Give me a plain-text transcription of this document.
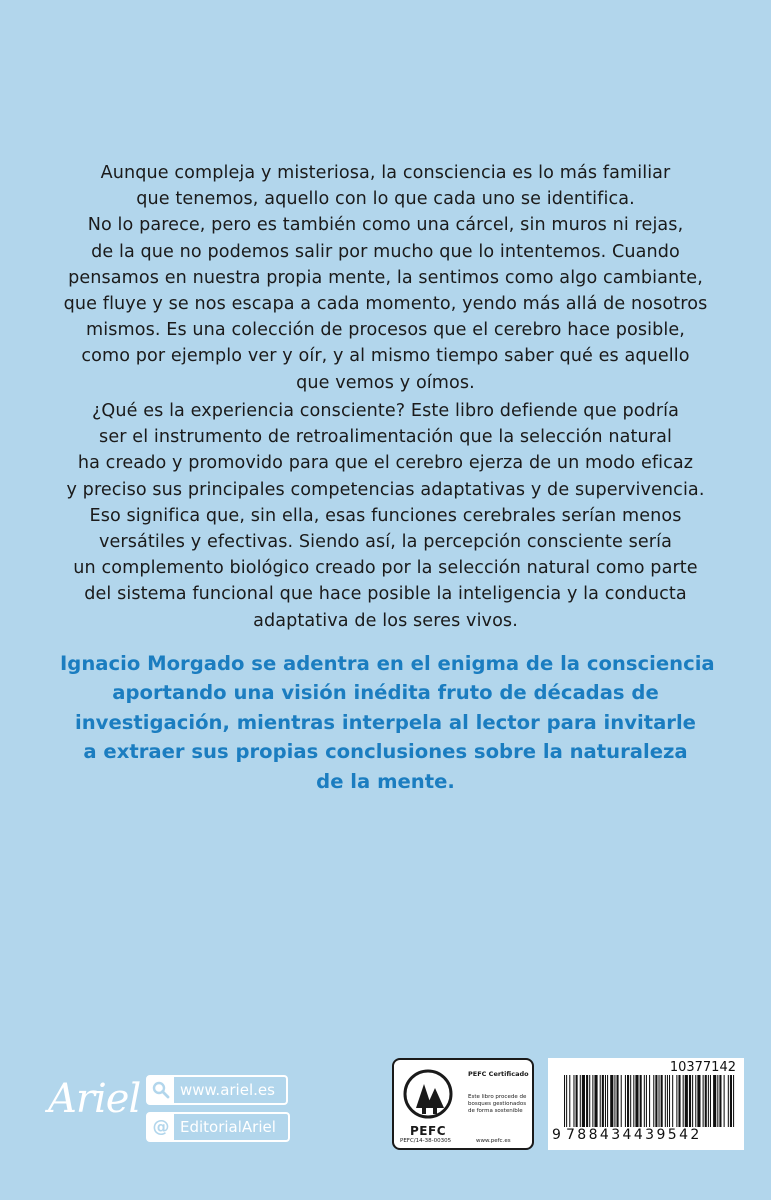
Aunque compleja y misteriosa, la consciencia es lo más familiar
que tenemos, aquello con lo que cada uno se identifica.
No lo parece, pero es también como una cárcel, sin muros ni rejas,
de la que no podemos salir por mucho que lo intentemos. Cuando
pensamos en nuestra propia mente, la sentimos como algo cambiante,
que fluye y se nos escapa a cada momento, yendo más allá de nosotros
mismos. Es una colección de procesos que el cerebro hace posible,
como por ejemplo ver y oír, y al mismo tiempo saber qué es aquello
que vemos y oímos.

¿Qué es la experiencia consciente? Este libro defiende que podría
ser el instrumento de retroalimentación que la selección natural
ha creado y promovido para que el cerebro ejerza de un modo eficaz
y preciso sus principales competencias adaptativas y de supervivencia.
Eso significa que, sin ella, esas funciones cerebrales serían menos
versátiles y efectivas. Siendo así, la percepción consciente sería
un complemento biológico creado por la selección natural como parte
del sistema funcional que hace posible la inteligencia y la conducta
adaptativa de los seres vivos.

Ignacio Morgado se adentra en el enigma de la consciencia
aportando una visión inédita fruto de décadas de
investigación, mientras interpela al lector para invitarle
a extraer sus propias conclusiones sobre la naturaleza
de la mente.

Ariel	www.ariel.es
@ EditorialAriel	PEFC
PEFC/14-38-00305
PEFC Certificado
Este libro procede de bosques gestionados de forma sostenible
www.pefc.es
10377142
9 788434439542
